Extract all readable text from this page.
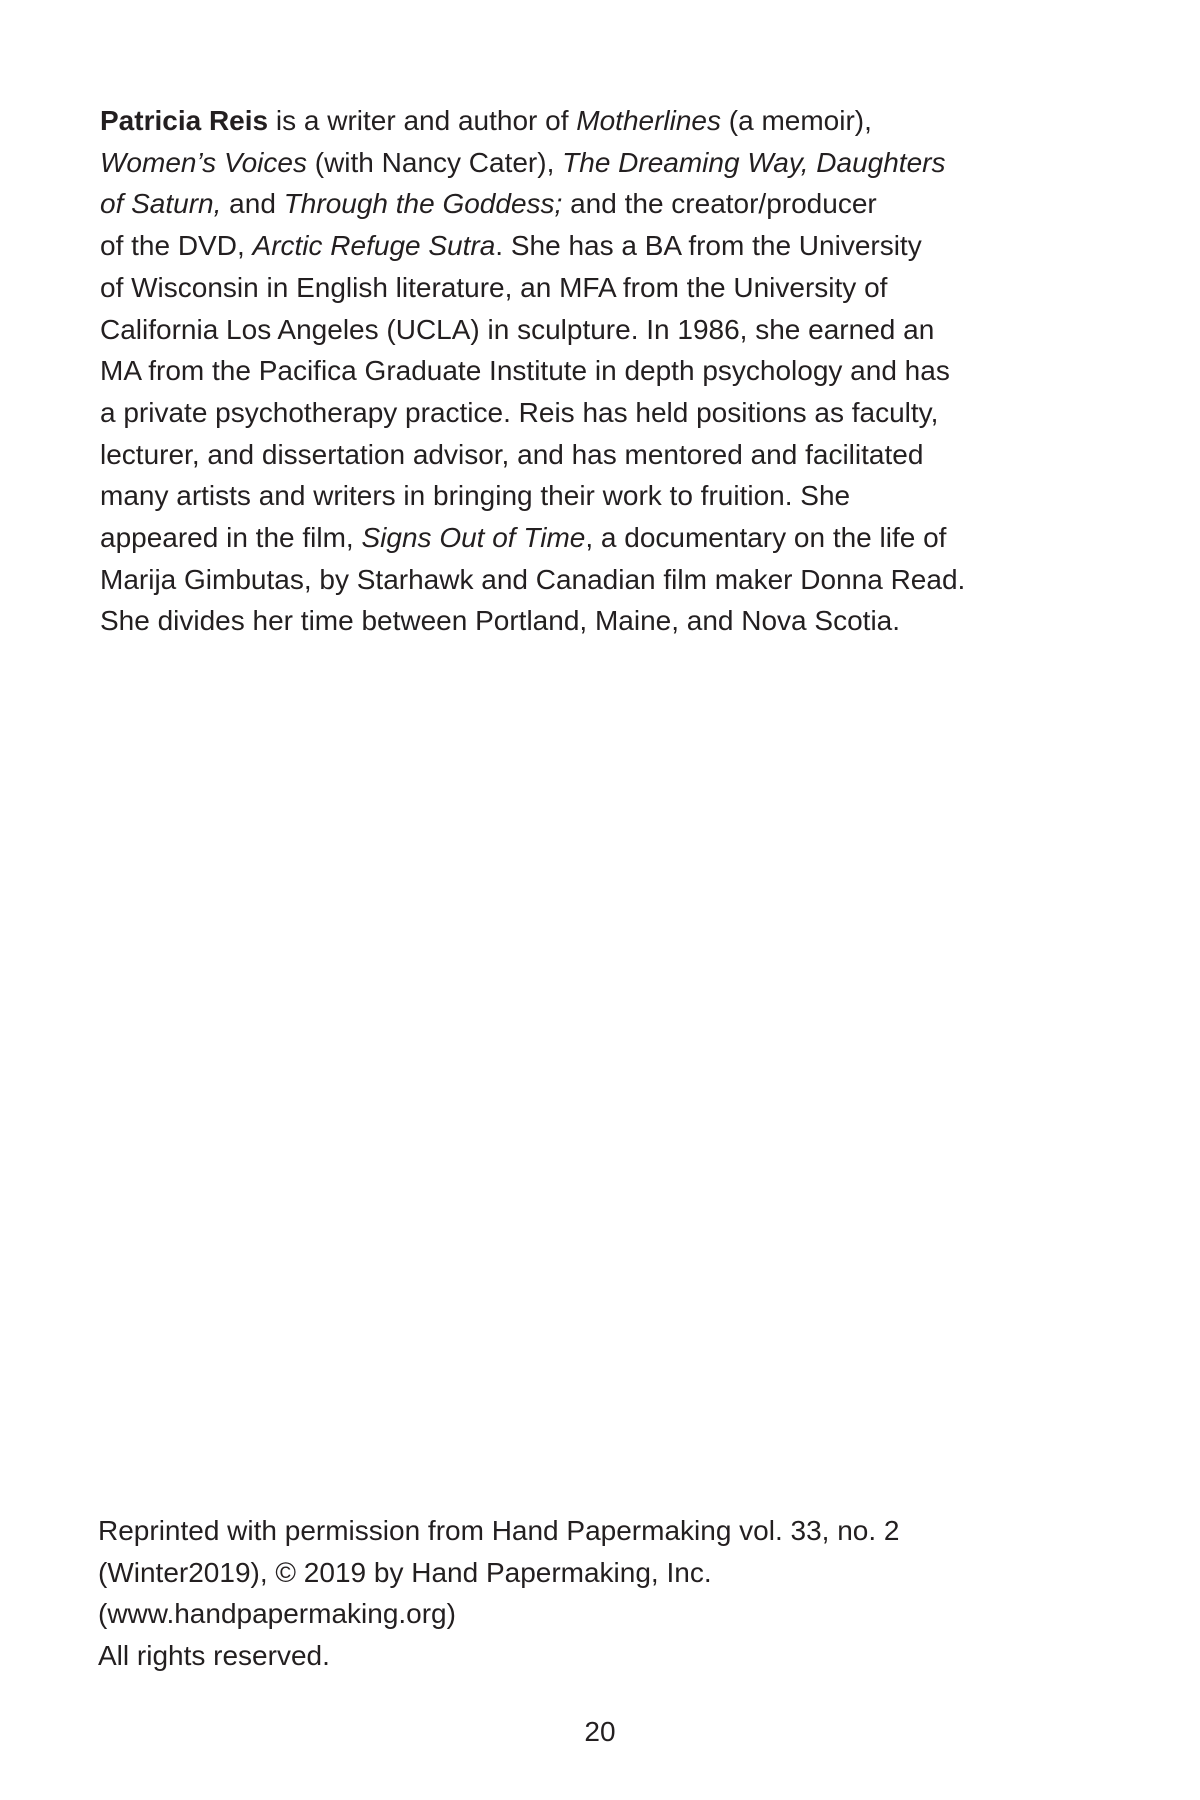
Patricia Reis is a writer and author of Motherlines (a memoir),
Women’s Voices (with Nancy Cater), The Dreaming Way, Daughters
of Saturn, and Through the Goddess; and the creator/producer
of the DVD, Arctic Refuge Sutra. She has a BA from the University
of Wisconsin in English literature, an MFA from the University of
California Los Angeles (UCLA) in sculpture. In 1986, she earned an
MA from the Pacifica Graduate Institute in depth psychology and has
a private psychotherapy practice. Reis has held positions as faculty,
lecturer, and dissertation advisor, and has mentored and facilitated
many artists and writers in bringing their work to fruition. She
appeared in the film, Signs Out of Time, a documentary on the life of
Marija Gimbutas, by Starhawk and Canadian film maker Donna Read.
She divides her time between Portland, Maine, and Nova Scotia.
Reprinted with permission from Hand Papermaking vol. 33, no. 2
(Winter2019), © 2019 by Hand Papermaking, Inc.
(www.handpapermaking.org)
All rights reserved.
20
